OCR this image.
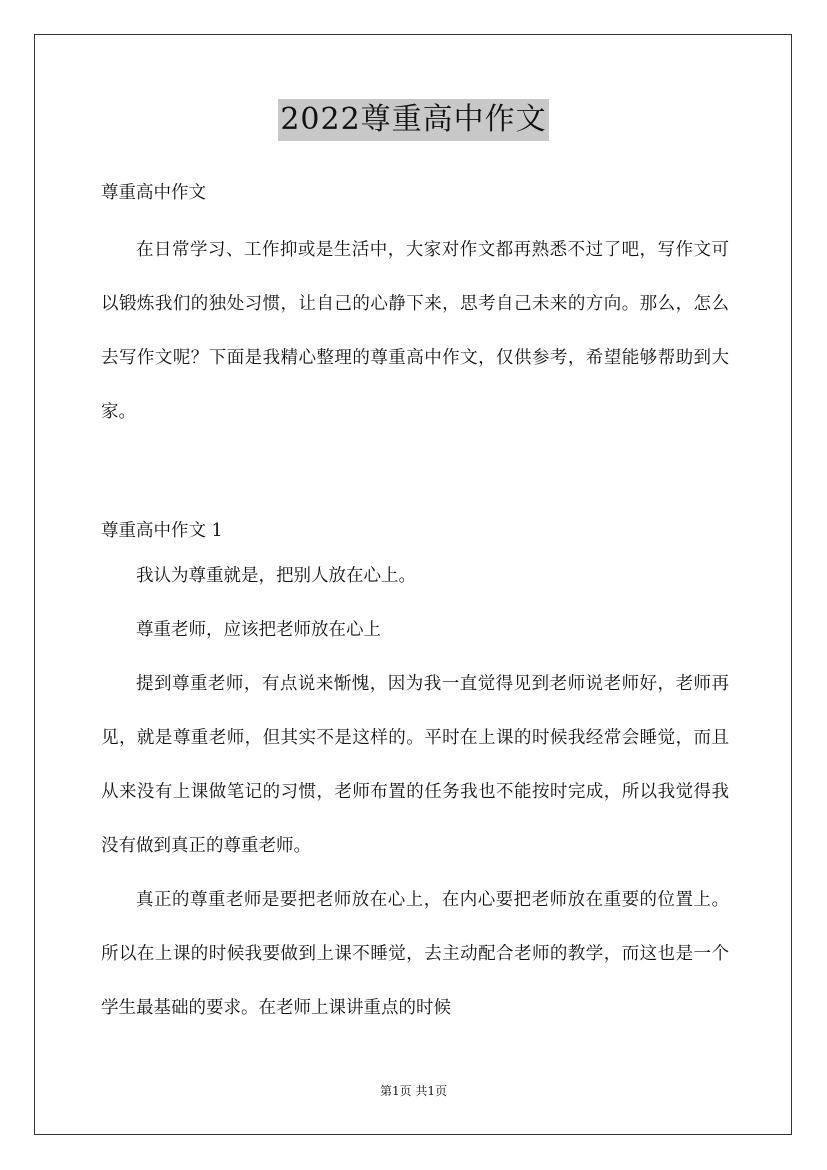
2022尊重高中作文

尊重高中作文

在日常学习、工作抑或是生活中，大家对作文都再熟悉不过了吧，写作文可以锻炼我们的独处习惯，让自己的心静下来，思考自己未来的方向。那么，怎么去写作文呢？下面是我精心整理的尊重高中作文，仅供参考，希望能够帮助到大家。

尊重高中作文 1

我认为尊重就是，把别人放在心上。

尊重老师，应该把老师放在心上

提到尊重老师，有点说来惭愧，因为我一直觉得见到老师说老师好，老师再见，就是尊重老师，但其实不是这样的。平时在上课的时候我经常会睡觉，而且从来没有上课做笔记的习惯，老师布置的任务我也不能按时完成，所以我觉得我没有做到真正的尊重老师。

真正的尊重老师是要把老师放在心上，在内心要把老师放在重要的位置上。所以在上课的时候我要做到上课不睡觉，去主动配合老师的教学，而这也是一个学生最基础的要求。在老师上课讲重点的时候

第1页 共1页
